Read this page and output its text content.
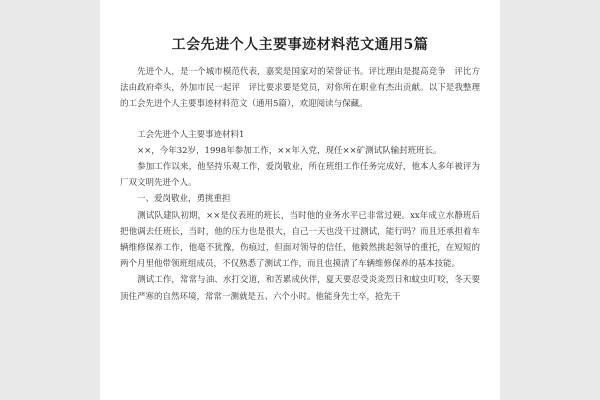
工会先进个人主要事迹材料范文通用5篇

　　先进个人，是一个城市模范代表，嘉奖是国家对的荣誉证书。评比理由是提高竞争　评比方法由政府牵头，外加市民一起评　评比要求要是党员，对你所在职业有杰出贡献。以下是我整理的工会先进个人主要事迹材料范文（通用5篇），欢迎阅读与保藏。

　　工会先进个人主要事迹材料1

　　××，今年32岁，1998年参加工作，××年入党，现任××矿测试队输封班班长。

　　参加工作以来，他坚持乐观工作，爱岗敬业，所在班组工作任务完成好，他本人多年被评为厂双文明先进个人。

　　一、爱岗敬业，勇挑重担

　　测试队建队初期，××是仪表班的班长，当时他的业务水平已非常过硬。xx年成立水静班后把他调去任班长，当时，他的压力也是很大，自己一天也没干过测试，能行吗？而且还承担着车辆维修保养工作，他毫不犹豫，伤痕过，但面对领导的信任，他毅然挑起领导的重托，在短短的两个月里他带领班组成员，不仅熟悉了测试工作，而且也摸清了车辆维修保养的基本技能。

　　测试工作，常常与油、水打交道，和苦累成伙伴，夏天要忍受炎炎烈日和蚊虫叮咬，冬天要顶住严寒的自然环境，常常一测就是五、六个小时。他能身先士卒，抢先干
